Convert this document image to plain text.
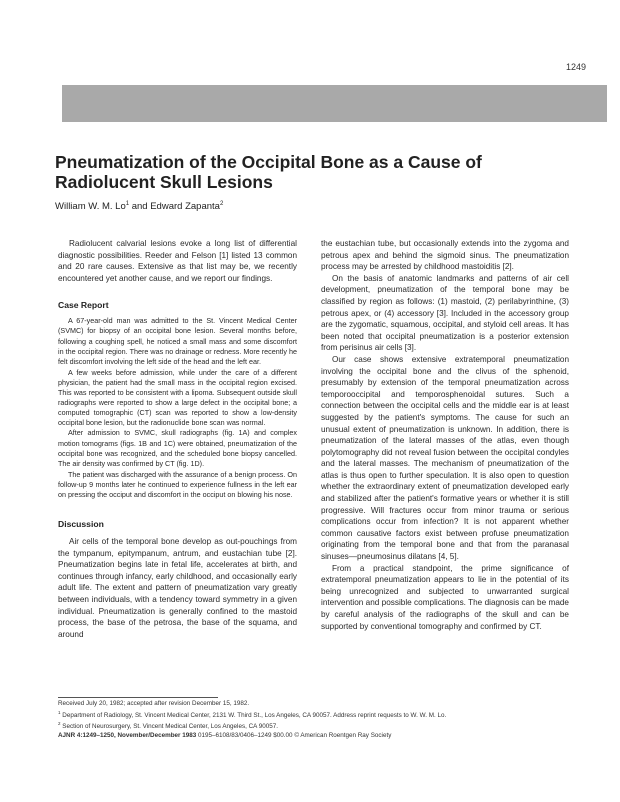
1249
Pneumatization of the Occipital Bone as a Cause of Radiolucent Skull Lesions
William W. M. Lo$^1$ and Edward Zapanta$^2$

Radiolucent calvarial lesions evoke a long list of differential diagnostic possibilities. Reeder and Felson [1] listed 13 common and 20 rare causes. Extensive as that list may be, we recently encountered yet another cause, and we report our findings.

Case Report

A 67-year-old man was admitted to the St. Vincent Medical Center (SVMC) for biopsy of an occipital bone lesion. Several months before, following a coughing spell, he noticed a small mass and some discomfort in the occipital region. There was no drainage or redness. More recently he felt discomfort involving the left side of the head and the left ear.

A few weeks before admission, while under the care of a different physician, the patient had the small mass in the occipital region excised. This was reported to be consistent with a lipoma. Subsequent outside skull radiographs were reported to show a large defect in the occipital bone; a computed tomographic (CT) scan was reported to show a low-density occipital bone lesion, but the radionuclide bone scan was normal.

After admission to SVMC, skull radiographs (fig. 1A) and complex motion tomograms (figs. 1B and 1C) were obtained, pneumatization of the occipital bone was recognized, and the scheduled bone biopsy cancelled. The air density was confirmed by CT (fig. 1D).

The patient was discharged with the assurance of a benign process. On follow-up 9 months later he continued to experience fullness in the left ear on pressing the occiput and discomfort in the occiput on blowing his nose.

Discussion

Air cells of the temporal bone develop as out-pouchings from the tympanum, epitympanum, antrum, and eustachian tube [2]. Pneumatization begins late in fetal life, accelerates at birth, and continues through infancy, early childhood, and occasionally early adult life. The extent and pattern of pneumatization vary greatly between individuals, with a tendency toward symmetry in a given individual. Pneumatization is generally confined to the mastoid process, the base of the petrosa, the base of the squama, and around

the eustachian tube, but occasionally extends into the zygoma and petrous apex and behind the sigmoid sinus. The pneumatization process may be arrested by childhood mastoiditis [2].

On the basis of anatomic landmarks and patterns of air cell development, pneumatization of the temporal bone may be classified by region as follows: (1) mastoid, (2) perilabyrinthine, (3) petrous apex, or (4) accessory [3]. Included in the accessory group are the zygomatic, squamous, occipital, and styloid cell areas. It has been noted that occipital pneumatization is a posterior extension from perisinus air cells [3].

Our case shows extensive extratemporal pneumatization involving the occipital bone and the clivus of the sphenoid, presumably by extension of the temporal pneumatization across temporooccipital and temporosphenoidal sutures. Such a connection between the occipital cells and the middle ear is at least suggested by the patient's symptoms. The cause for such an unusual extent of pneumatization is unknown. In addition, there is pneumatization of the lateral masses of the atlas, even though polytomography did not reveal fusion between the occipital condyles and the lateral masses. The mechanism of pneumatization of the atlas is thus open to further speculation. It is also open to question whether the extraordinary extent of pneumatization developed early and stabilized after the patient's formative years or whether it is still progressive. Will fractures occur from minor trauma or serious complications occur from infection? It is not apparent whether common causative factors exist between profuse pneumatization originating from the temporal bone and that from the paranasal sinuses—pneumosinus dilatans [4, 5].

From a practical standpoint, the prime significance of extratemporal pneumatization appears to lie in the potential of its being unrecognized and subjected to unwarranted surgical intervention and possible complications. The diagnosis can be made by careful analysis of the radiographs of the skull and can be supported by conventional tomography and confirmed by CT.

Received July 20, 1982; accepted after revision December 15, 1982.
$^1$ Department of Radiology, St. Vincent Medical Center, 2131 W. Third St., Los Angeles, CA 90057. Address reprint requests to W. W. M. Lo.
$^2$ Section of Neurosurgery, St. Vincent Medical Center, Los Angeles, CA 90057.
AJNR 4:1249–1250, November/December 1983 0195–6108/83/0406–1249 $00.00 © American Roentgen Ray Society
